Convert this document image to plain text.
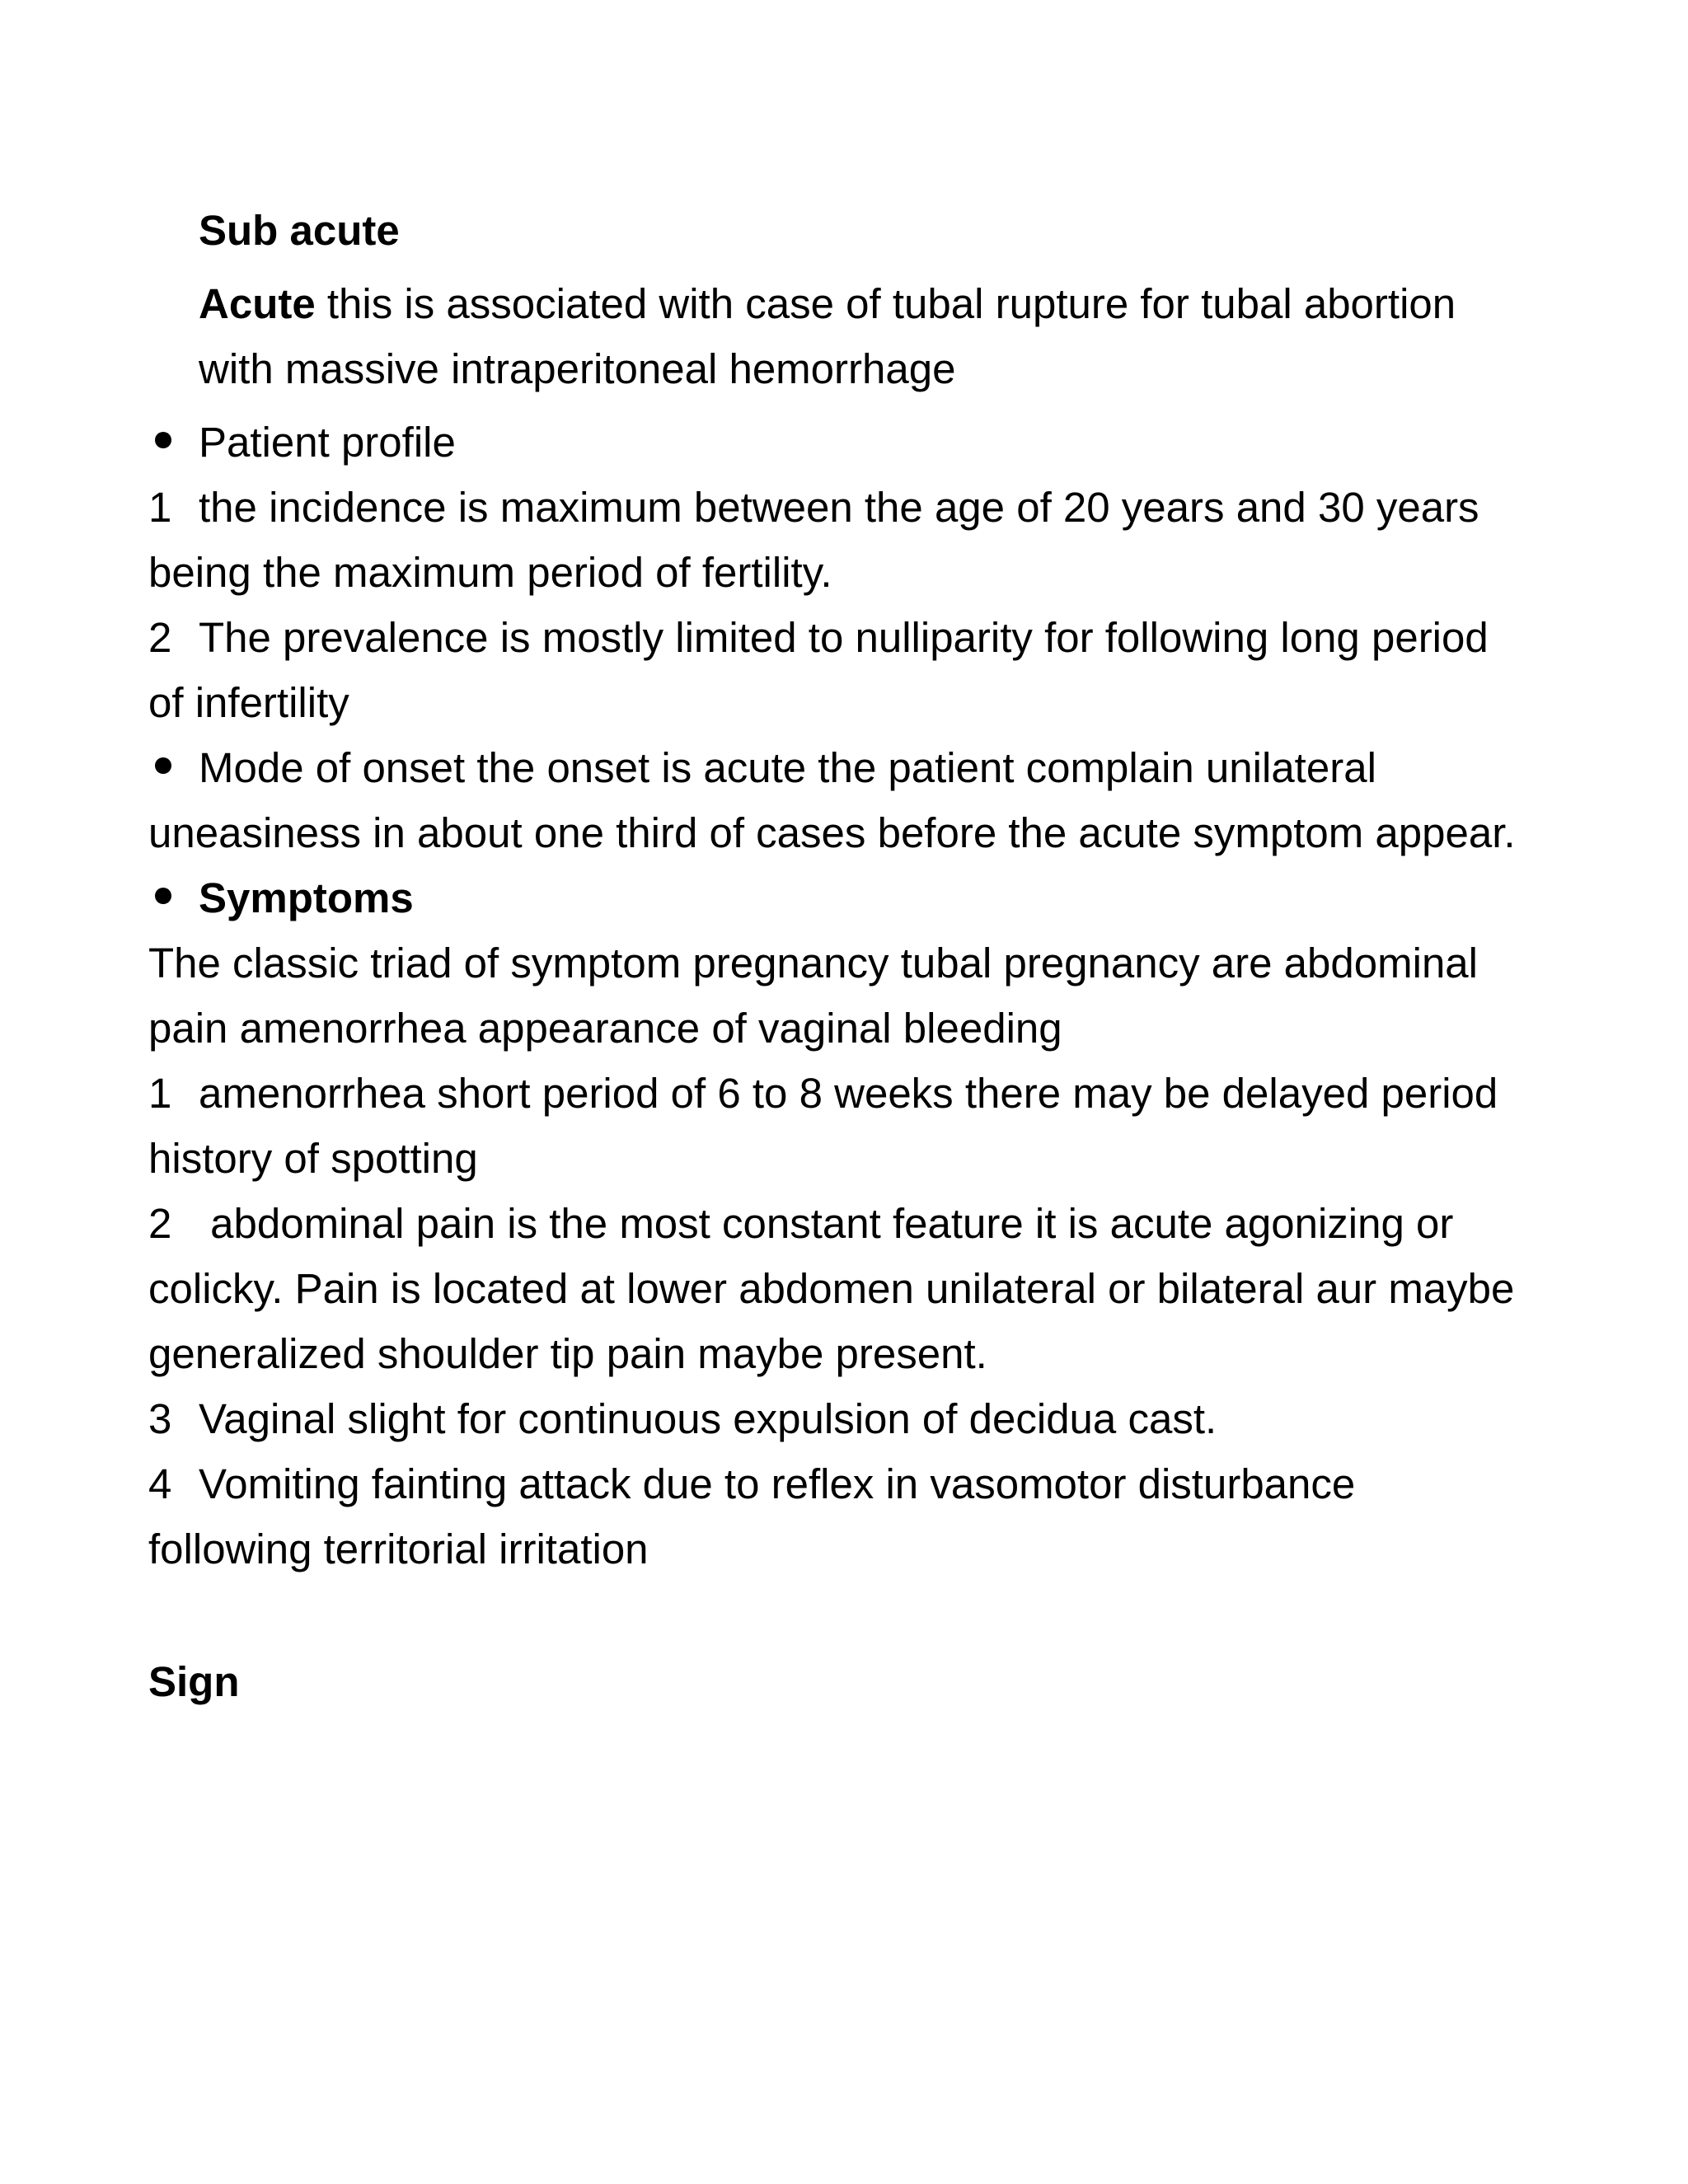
Sub acute

Acute this is associated with case of tubal rupture for tubal abortion with massive intraperitoneal hemorrhage

Patient profile

1 the incidence is maximum between the age of 20 years and 30 years being the maximum period of fertility.

2 The prevalence is mostly limited to nulliparity for following long period of infertility

Mode of onset the onset is acute the patient complain unilateral uneasiness in about one third of cases before the acute symptom appear.

Symptoms

The classic triad of symptom pregnancy tubal pregnancy are abdominal pain amenorrhea appearance of vaginal bleeding

1 amenorrhea short period of 6 to 8 weeks there may be delayed period history of spotting

2 abdominal pain is the most constant feature it is acute agonizing or colicky. Pain is located at lower abdomen unilateral or bilateral aur maybe generalized shoulder tip pain maybe present.

3 Vaginal slight for continuous expulsion of decidua cast.

4 Vomiting fainting attack due to reflex in vasomotor disturbance following territorial irritation

Sign
